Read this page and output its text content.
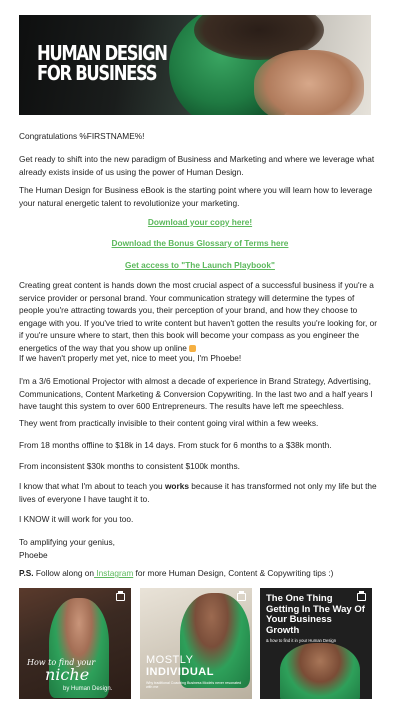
HUMAN DESIGN
FOR BUSINESS
Congratulations %FIRSTNAME%!
Get ready to shift into the new paradigm of Business and Marketing and where we leverage what already exists inside of us using the power of Human Design.
The Human Design for Business eBook is the starting point where you will learn how to leverage your natural energetic talent to revolutionize your marketing.
Download your copy here!
Download the Bonus Glossary of Terms here
Get access to "The Launch Playbook"
Creating great content is hands down the most crucial aspect of a successful business if you're a service provider or personal brand. Your communication strategy will determine the types of people you're attracting towards you, their perception of your brand, and how they choose to engage with you. If you've tried to write content but haven't gotten the results you're looking for, or if you're unsure where to start, then this book will become your compass as you engineer the energetics of the way that you show up online
If we haven't properly met yet, nice to meet you, I'm Phoebe!
I'm a 3/6 Emotional Projector with almost a decade of experience in Brand Strategy, Advertising, Communications, Content Marketing & Conversion Copywriting. In the last two and a half years I have taught this system to over 600 Entrepreneurs. The results have left me speechless.
They went from practically invisible to their content going viral within a few weeks.
From 18 months offline to $18k in 14 days. From stuck for 6 months to a $38k month.
From inconsistent $30k months to consistent $100k months.
I know that what I'm about to teach you works because it has transformed not only my life but the lives of everyone I have taught it to.
I KNOW it will work for you too.
To amplifying your genius,
Phoebe
P.S. Follow along on Instagram for more Human Design, Content & Copywriting tips :)
How to find your
niche
by Human Design.
MOSTLY
INDIVIDUAL
Why traditional Coaching Business Models never resonated with me
The One Thing Getting In The Way Of Your Business Growth
& how to find it in your Human Design
